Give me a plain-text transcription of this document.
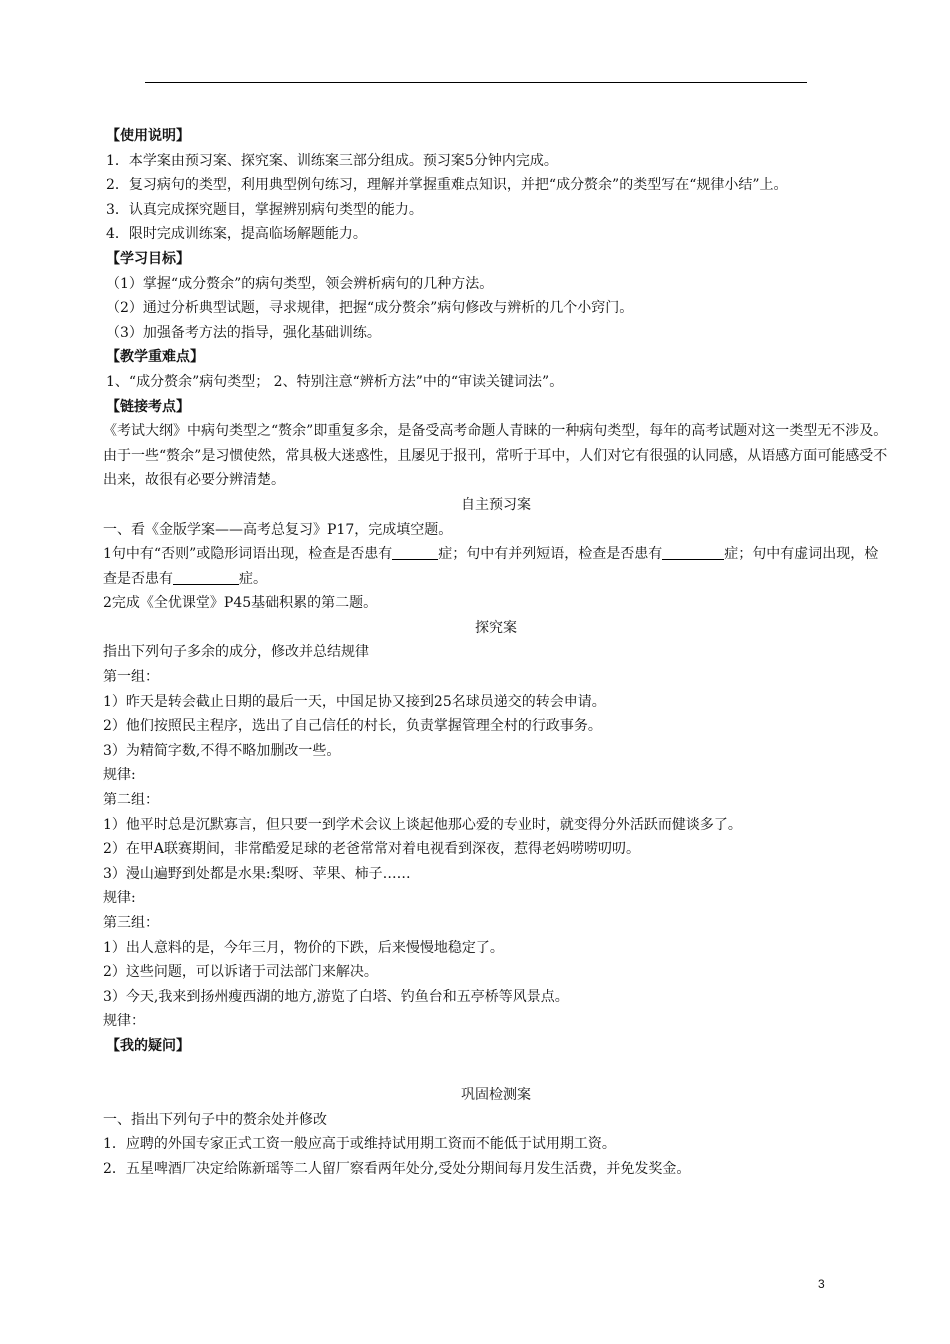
【使用说明】
1．本学案由预习案、探究案、训练案三部分组成。预习案5分钟内完成。
2．复习病句的类型，利用典型例句练习，理解并掌握重难点知识，并把“成分赘余”的类型写在“规律小结”上。
3．认真完成探究题目，掌握辨别病句类型的能力。
4．限时完成训练案，提高临场解题能力。
【学习目标】
（1）掌握“成分赘余”的病句类型，领会辨析病句的几种方法。
（2）通过分析典型试题，寻求规律，把握“成分赘余”病句修改与辨析的几个小窍门。
（3）加强备考方法的指导，强化基础训练。
【教学重难点】
1、“成分赘余”病句类型； 2、特别注意“辨析方法”中的“审读关键词法”。
【链接考点】
《考试大纲》中病句类型之“赘余”即重复多余，是备受高考命题人青睐的一种病句类型，每年的高考试题对这一类型无不涉及。由于一些“赘余”是习惯使然，常具极大迷惑性，且屡见于报刊，常听于耳中，人们对它有很强的认同感，从语感方面可能感受不出来，故很有必要分辨清楚。
自主预习案
一、看《金版学案——高考总复习》P17，完成填空题。
1句中有“否则”或隐形词语出现，检查是否患有	症；句中有并列短语，检查是否患有	症；句中有虚词出现，检查是否患有	症。
2完成《全优课堂》P45基础积累的第二题。
探究案
指出下列句子多余的成分，修改并总结规律
第一组：
1）昨天是转会截止日期的最后一天，中国足协又接到25名球员递交的转会申请。
2）他们按照民主程序，选出了自己信任的村长，负责掌握管理全村的行政事务。
3）为精简字数,不得不略加删改一些。
规律:
第二组：
1）他平时总是沉默寡言，但只要一到学术会议上谈起他那心爱的专业时，就变得分外活跃而健谈多了。
2）在甲A联赛期间，非常酷爱足球的老爸常常对着电视看到深夜，惹得老妈唠唠叨叨。
3）漫山遍野到处都是水果:梨呀、苹果、柿子……
规律:
第三组：
1）出人意料的是，今年三月，物价的下跌，后来慢慢地稳定了。
2）这些问题，可以诉诸于司法部门来解决。
3）今天,我来到扬州瘦西湖的地方,游览了白塔、钓鱼台和五亭桥等风景点。
规律：
【我的疑问】
巩固检测案
一、指出下列句子中的赘余处并修改
1．应聘的外国专家正式工资一般应高于或维持试用期工资而不能低于试用期工资。
2．五星啤酒厂决定给陈新瑶等二人留厂察看两年处分,受处分期间每月发生活费，并免发奖金。
3
